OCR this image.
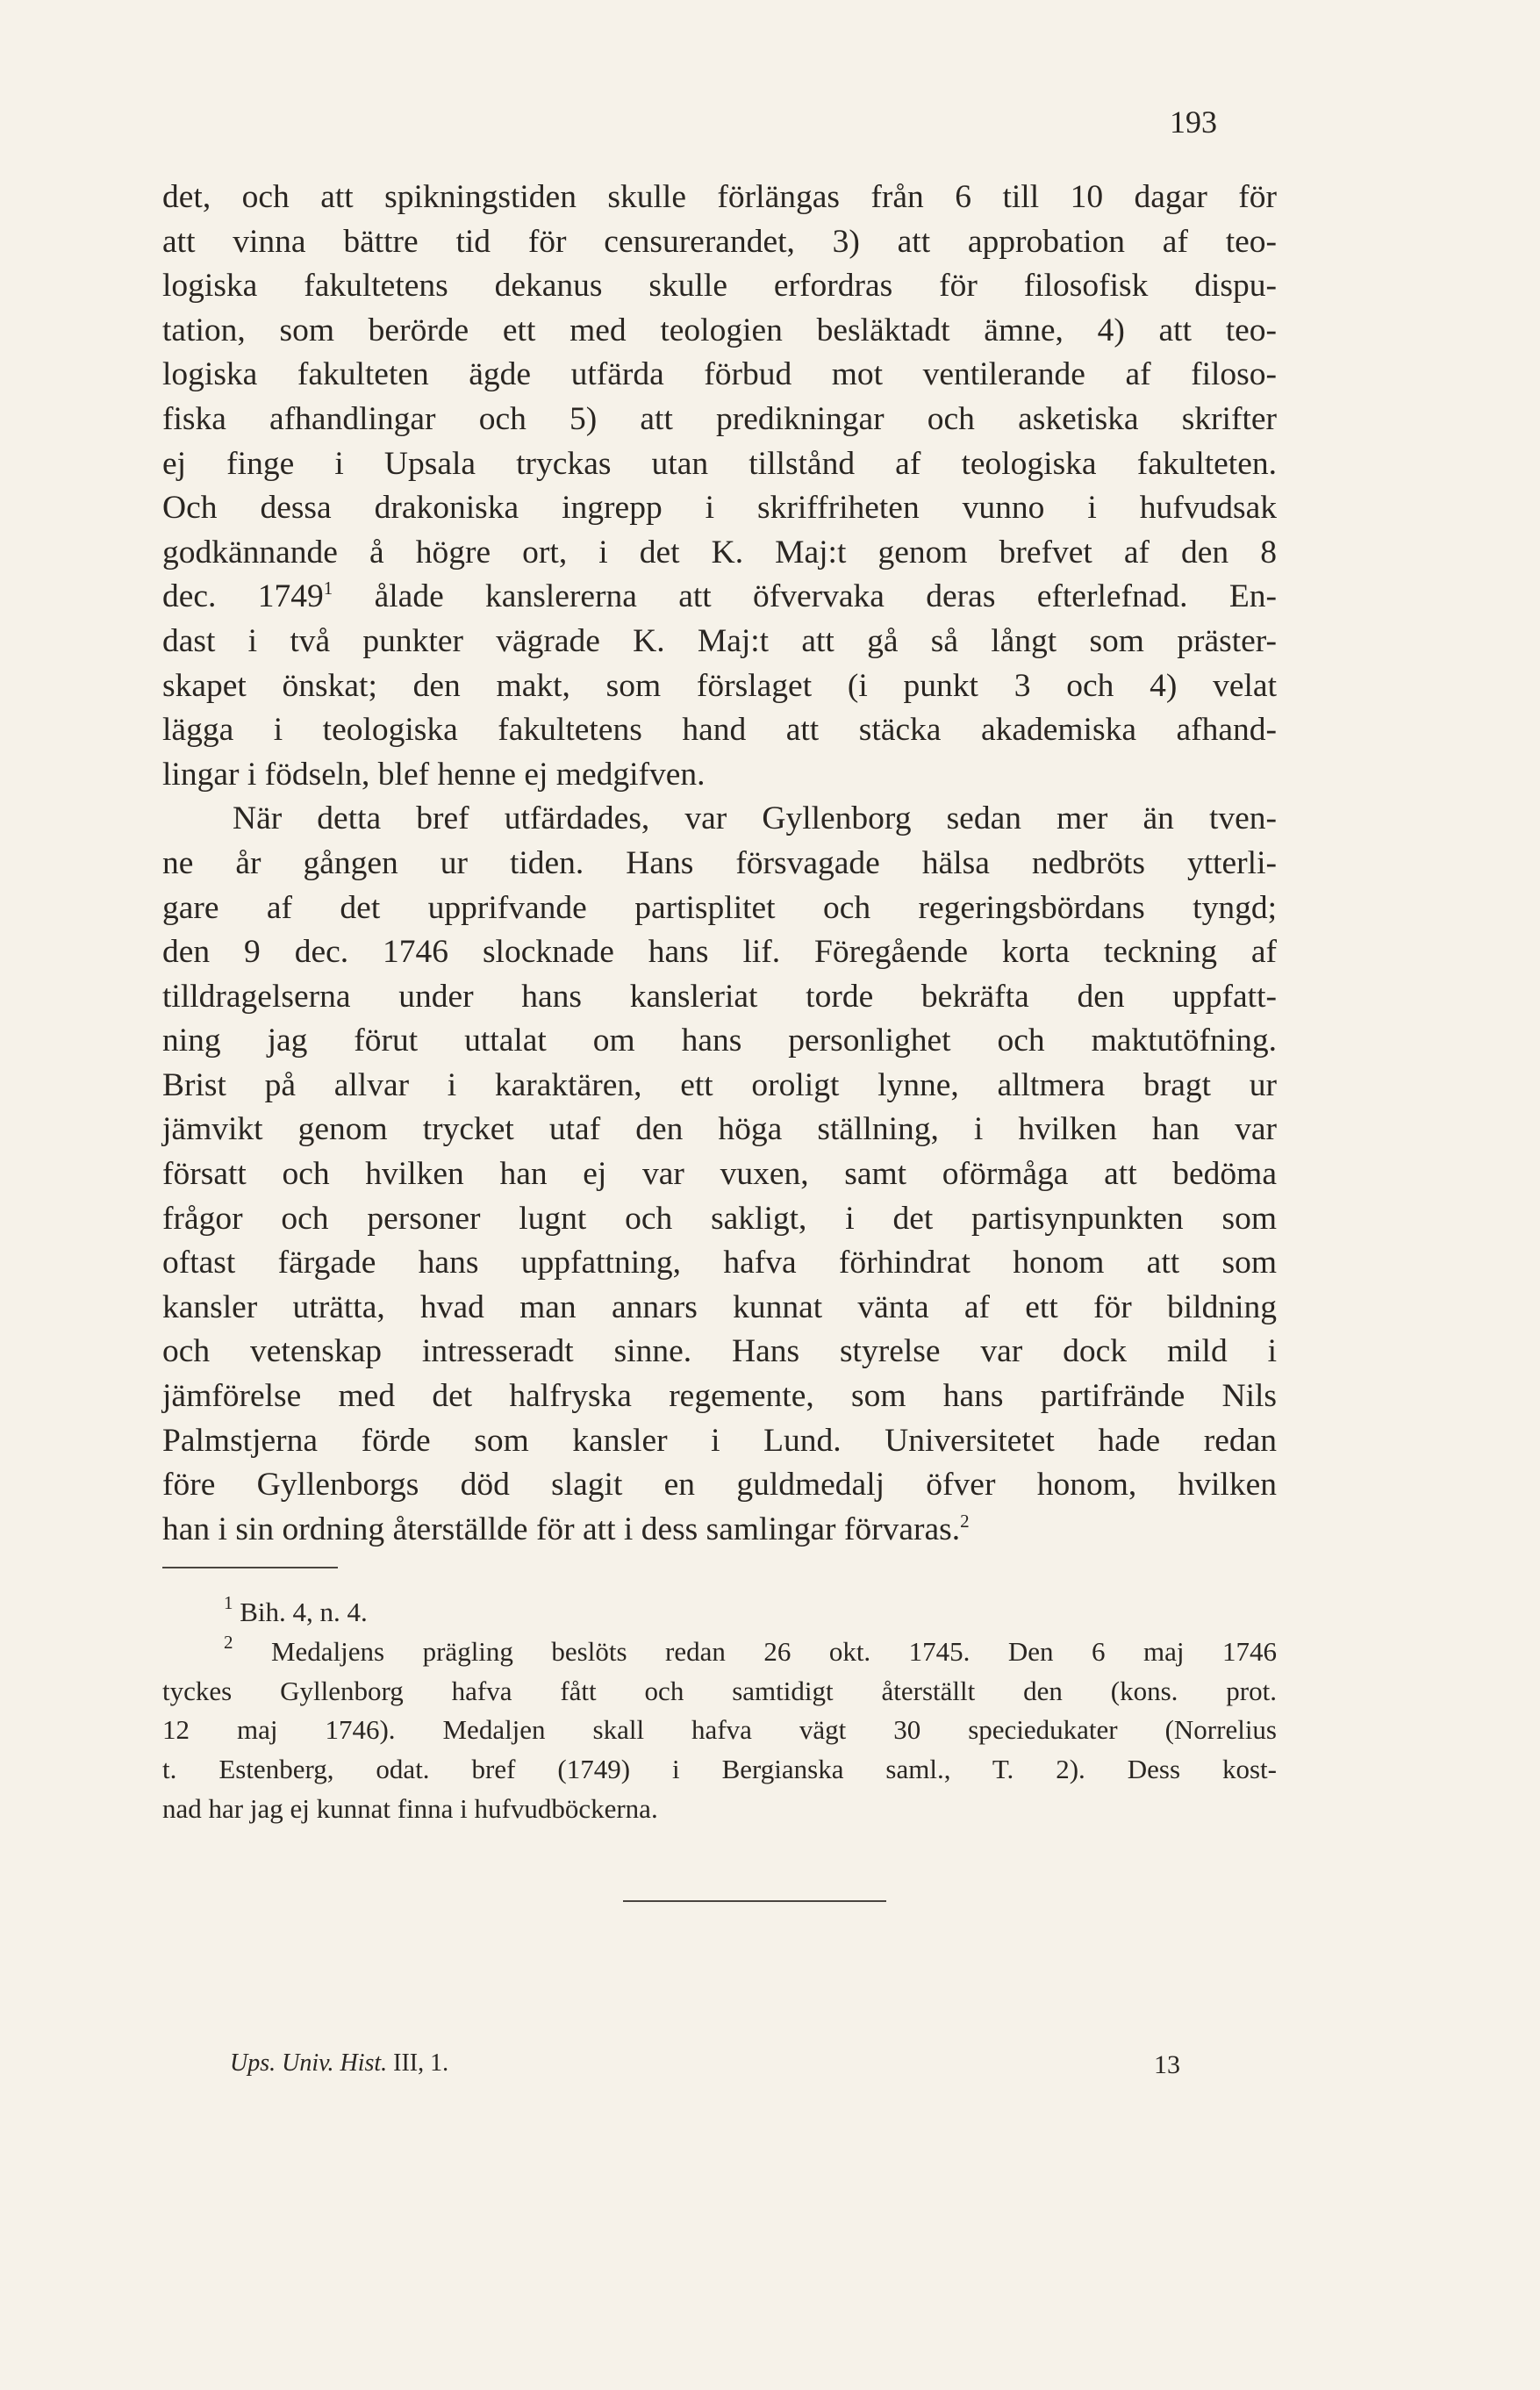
193
det, och att spikningstiden skulle förlängas från 6 till 10 dagar för
att vinna bättre tid för censurerandet, 3) att approbation af teo-
logiska fakultetens dekanus skulle erfordras för filosofisk dispu-
tation, som berörde ett med teologien besläktadt ämne, 4) att teo-
logiska fakulteten ägde utfärda förbud mot ventilerande af filoso-
fiska afhandlingar och 5) att predikningar och asketiska skrifter
ej finge i Upsala tryckas utan tillstånd af teologiska fakulteten.
Och dessa drakoniska ingrepp i skriffriheten vunno i hufvudsak
godkännande å högre ort, i det K. Maj:t genom brefvet af den 8
dec. 1749$^1$ ålade kanslererna att öfvervaka deras efterlefnad. En-
dast i två punkter vägrade K. Maj:t att gå så långt som präster-
skapet önskat; den makt, som förslaget (i punkt 3 och 4) velat
lägga i teologiska fakultetens hand att stäcka akademiska afhand-
lingar i födseln, blef henne ej medgifven.
När detta bref utfärdades, var Gyllenborg sedan mer än tven-
ne år gången ur tiden. Hans försvagade hälsa nedbröts ytterli-
gare af det upprifvande partisplitet och regeringsbördans tyngd;
den 9 dec. 1746 slocknade hans lif. Föregående korta teckning af
tilldragelserna under hans kansleriat torde bekräfta den uppfatt-
ning jag förut uttalat om hans personlighet och maktutöfning.
Brist på allvar i karaktären, ett oroligt lynne, alltmera bragt ur
jämvikt genom trycket utaf den höga ställning, i hvilken han var
försatt och hvilken han ej var vuxen, samt oförmåga att bedöma
frågor och personer lugnt och sakligt, i det partisynpunkten som
oftast färgade hans uppfattning, hafva förhindrat honom att som
kansler uträtta, hvad man annars kunnat vänta af ett för bildning
och vetenskap intresseradt sinne. Hans styrelse var dock mild i
jämförelse med det halfryska regemente, som hans partifrände Nils
Palmstjerna förde som kansler i Lund. Universitetet hade redan
före Gyllenborgs död slagit en guldmedalj öfver honom, hvilken
han i sin ordning återställde för att i dess samlingar förvaras.$^2$
$^1$ Bih. 4, n. 4.
$^2$ Medaljens prägling beslöts redan 26 okt. 1745. Den 6 maj 1746
tyckes Gyllenborg hafva fått och samtidigt återställt den (kons. prot.
12 maj 1746). Medaljen skall hafva vägt 30 speciedukater (Norrelius
t. Estenberg, odat. bref (1749) i Bergianska saml., T. 2). Dess kost-
nad har jag ej kunnat finna i hufvudböckerna.
Ups. Univ. Hist. III, 1.	13
